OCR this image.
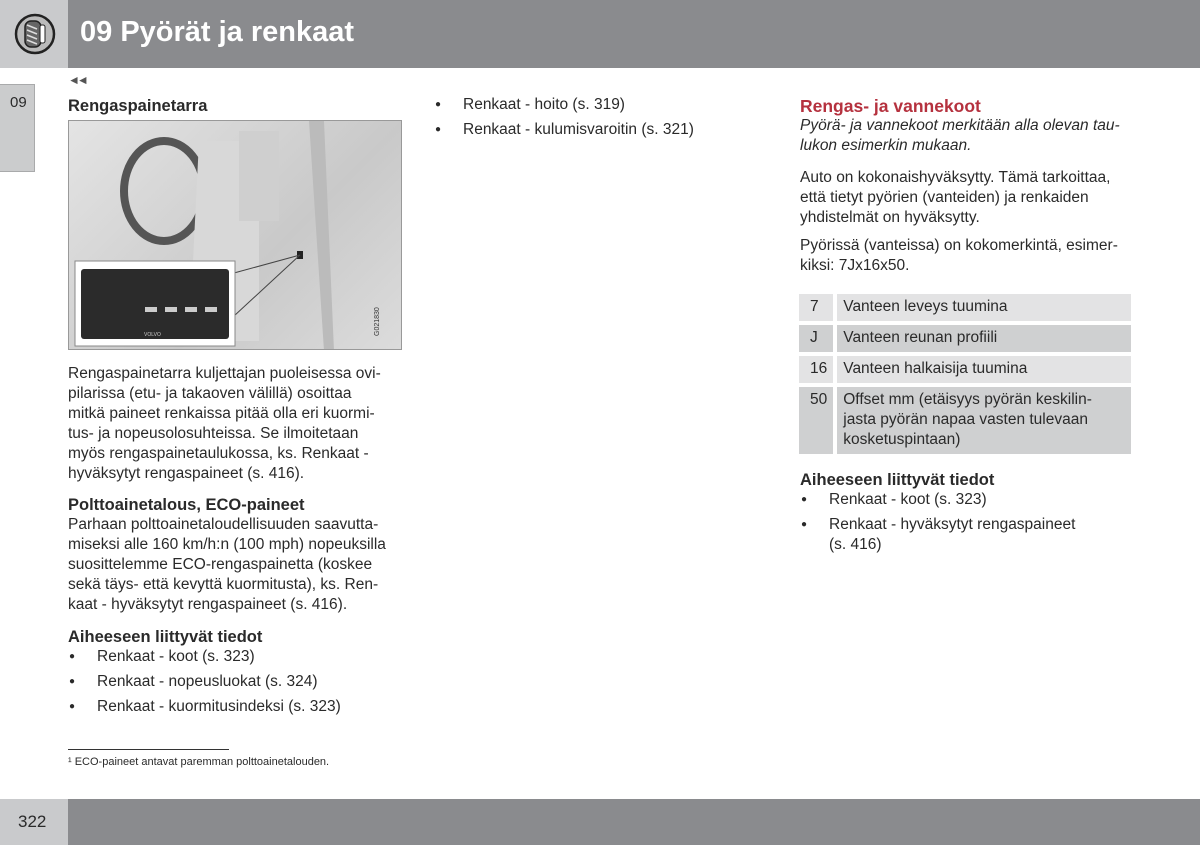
09 Pyörät ja renkaat
09
◄◄
Rengaspainetarra
G021830
VOLVO

Rengaspainetarra kuljettajan puoleisessa ovi-
pilarissa (etu- ja takaoven välillä) osoittaa
mitkä paineet renkaissa pitää olla eri kuormi-
tus- ja nopeusolosuhteissa. Se ilmoitetaan
myös rengaspainetaulukossa, ks. Renkaat -
hyväksytyt rengaspaineet (s. 416).

Polttoainetalous, ECO-paineet

Parhaan polttoainetaloudellisuuden saavutta-
miseksi alle 160 km/h:n (100 mph) nopeuksilla
suosittelemme ECO-rengaspainetta (koskee
sekä täys- että kevyttä kuormitusta), ks. Ren-
kaat - hyväksytyt rengaspaineet (s. 416).

Aiheeseen liittyvät tiedot
● Renkaat - koot (s. 323)
● Renkaat - nopeusluokat (s. 324)
● Renkaat - kuormitusindeksi (s. 323)
● Renkaat - hoito (s. 319)
● Renkaat - kulumisvaroitin (s. 321)
Rengas- ja vannekoot

Pyörä- ja vannekoot merkitään alla olevan tau-
lukon esimerkin mukaan.

Auto on kokonaishyväksytty. Tämä tarkoittaa,
että tietyt pyörien (vanteiden) ja renkaiden
yhdistelmät on hyväksytty.

Pyörissä (vanteissa) on kokomerkintä, esimer-
kiksi: 7Jx16x50.

7	Vanteen leveys tuumina
J	Vanteen reunan profiili
16	Vanteen halkaisija tuumina
50	Offset mm (etäisyys pyörän keskilin-
jasta pyörän napaa vasten tulevaan
kosketuspintaan)
Aiheeseen liittyvät tiedot
● Renkaat - koot (s. 323)
● Renkaat - hyväksytyt rengaspaineet
(s. 416)
¹ ECO-paineet antavat paremman polttoainetalouden.
322
